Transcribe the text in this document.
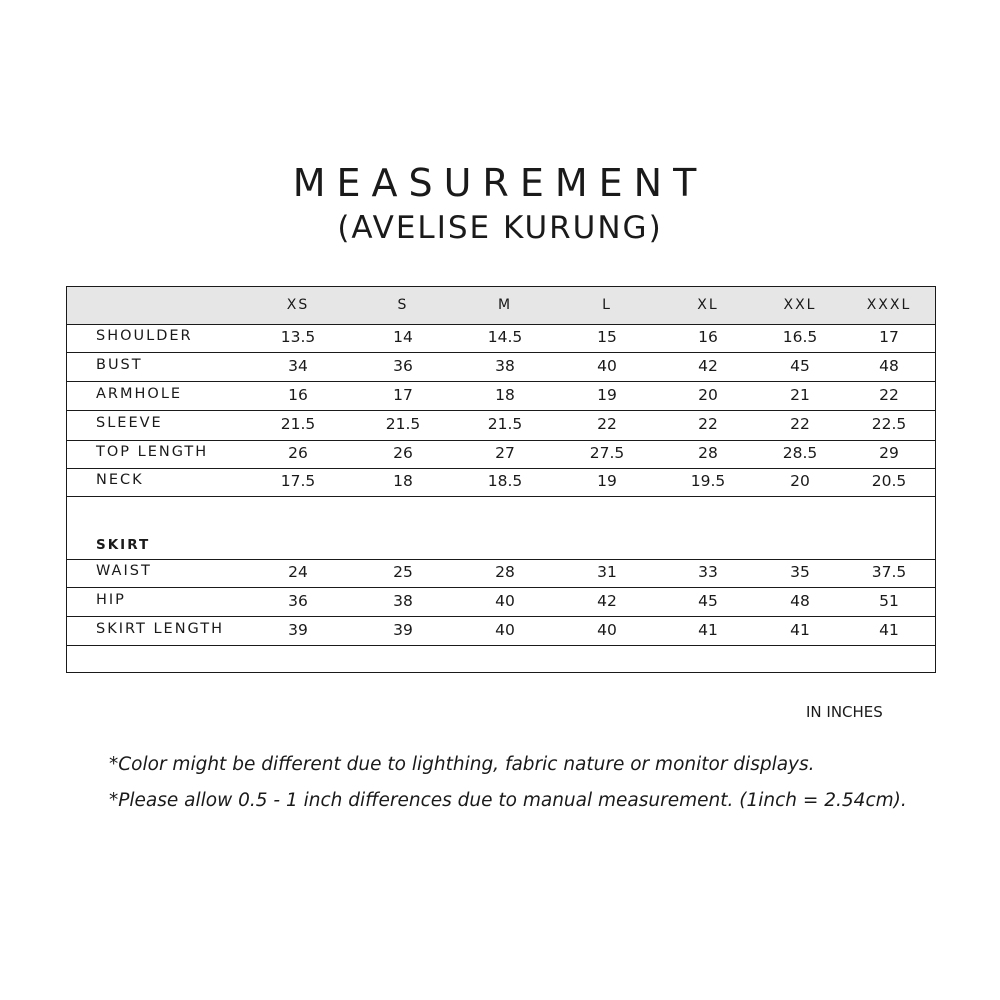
MEASUREMENT
(AVELISE KURUNG)
XS	S	M	L	XL	XXL	XXXL
SHOULDER	13.5	14	14.5	15	16	16.5	17
BUST	34	36	38	40	42	45	48
ARMHOLE	16	17	18	19	20	21	22
SLEEVE	21.5	21.5	21.5	22	22	22	22.5
TOP LENGTH	26	26	27	27.5	28	28.5	29
NECK	17.5	18	18.5	19	19.5	20	20.5
SKIRT
WAIST	24	25	28	31	33	35	37.5
HIP	36	38	40	42	45	48	51
SKIRT LENGTH	39	39	40	40	41	41	41
IN INCHES
*Color might be different due to lighthing, fabric nature or monitor displays.
*Please allow 0.5 - 1 inch differences due to manual measurement. (1inch = 2.54cm).
